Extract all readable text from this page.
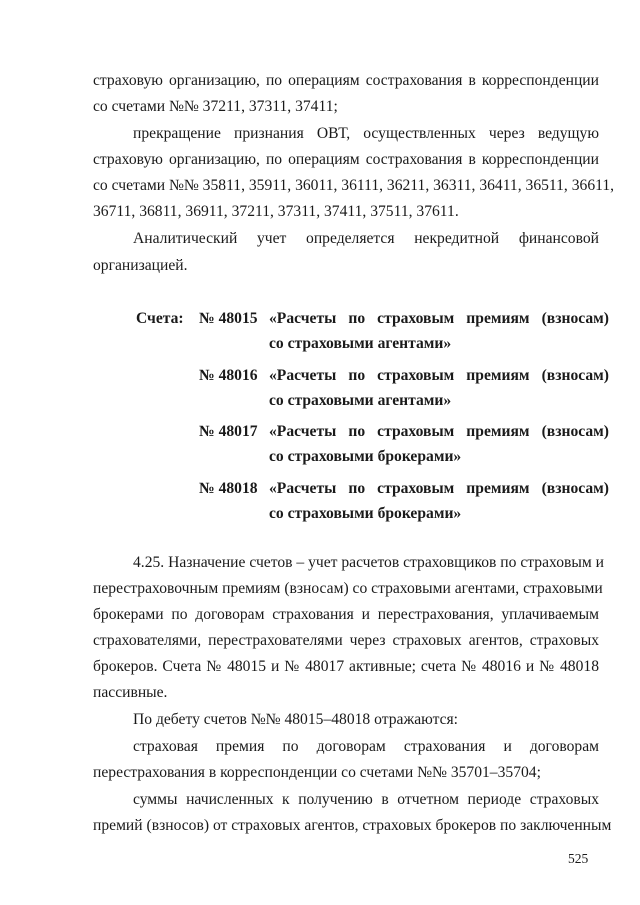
страховую организацию, по операциям сострахования в корреспонденции
со счетами №№ 37211, 37311, 37411;
прекращение признания ОВТ, осуществленных через ведущую
страховую организацию, по операциям сострахования в корреспонденции
со счетами №№ 35811, 35911, 36011, 36111, 36211, 36311, 36411, 36511, 36611,
36711, 36811, 36911, 37211, 37311, 37411, 37511, 37611.
Аналитический учет определяется некредитной финансовой
организацией.
Счета: № 48015 «Расчеты по страховым премиям (взносам)
со страховыми агентами»
№ 48016 «Расчеты по страховым премиям (взносам)
со страховыми агентами»
№ 48017 «Расчеты по страховым премиям (взносам)
со страховыми брокерами»
№ 48018 «Расчеты по страховым премиям (взносам)
со страховыми брокерами»
4.25. Назначение счетов – учет расчетов страховщиков по страховым и
перестраховочным премиям (взносам) со страховыми агентами, страховыми
брокерами по договорам страхования и перестрахования, уплачиваемым
страхователями, перестрахователями через страховых агентов, страховых
брокеров. Счета № 48015 и № 48017 активные; счета № 48016 и № 48018
пассивные.
По дебету счетов №№ 48015–48018 отражаются:
страховая премия по договорам страхования и договорам
перестрахования в корреспонденции со счетами №№ 35701–35704;
суммы начисленных к получению в отчетном периоде страховых
премий (взносов) от страховых агентов, страховых брокеров по заключенным
525
